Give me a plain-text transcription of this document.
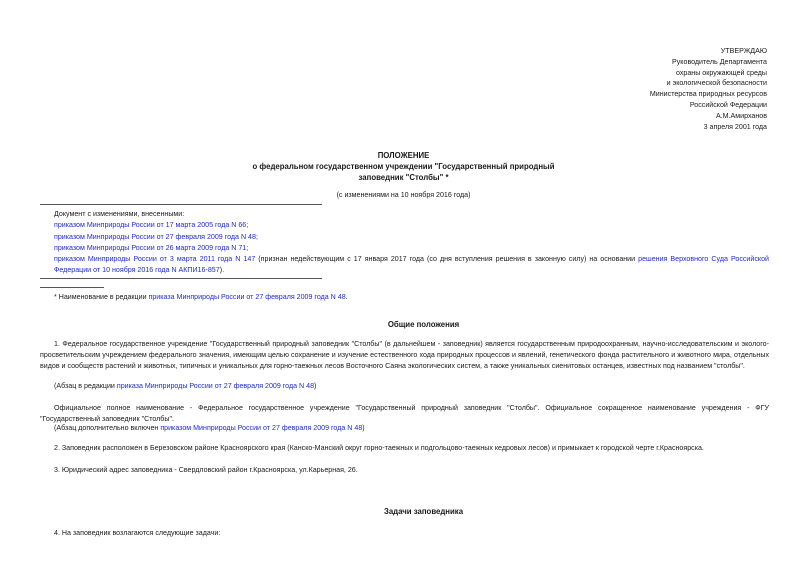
УТВЕРЖДАЮ
Руководитель Департамента
охраны окружающей среды
и экологической безопасности
Министерства природных ресурсов
Российской Федерации
А.М.Амирханов
3 апреля 2001 года
ПОЛОЖЕНИЕ
о федеральном государственном учреждении "Государственный природный
заповедник "Столбы" *
(с изменениями на 10 ноября 2016 года)
Документ с изменениями, внесенными:
приказом Минприроды России от 17 марта 2005 года N 66;
приказом Минприроды России от 27 февраля 2009 года N 48;
приказом Минприроды России от 26 марта 2009 года N 71;
приказом Минприроды России от 3 марта 2011 года N 147 (признан недействующим с 17 января 2017 года (со дня вступления решения в законную силу) на основании решения Верховного Суда Российской Федерации от 10 ноября 2016 года N АКПИ16-857).
* Наименование в редакции приказа Минприроды России от 27 февраля 2009 года N 48.
Общие положения
1. Федеральное государственное учреждение "Государственный природный заповедник "Столбы" (в дальнейшем - заповедник) является государственным природоохранным, научно-исследовательским и эколого-просветительским учреждением федерального значения, имеющим целью сохранение и изучение естественного хода природных процессов и явлений, генетического фонда растительного и животного мира, отдельных видов и сообществ растений и животных, типичных и уникальных для горно-таежных лесов Восточного Саяна экологических систем, а также уникальных сиенитовых останцев, известных под названием "столбы".
(Абзац в редакции приказа Минприроды России от 27 февраля 2009 года N 48)
Официальное полное наименование - Федеральное государственное учреждение "Государственный природный заповедник "Столбы". Официальное сокращенное наименование учреждения - ФГУ "Государственный заповедник "Столбы".
(Абзац дополнительно включен приказом Минприроды России от 27 февраля 2009 года N 48)
2. Заповедник расположен в Березовском районе Красноярского края (Канско-Манский округ горно-таежных и подгольцово-таежных кедровых лесов) и примыкает к городской черте г.Красноярска.
3. Юридический адрес заповедника - Свердловский район г.Красноярска, ул.Карьерная, 26.
Задачи заповедника
4. На заповедник возлагаются следующие задачи:
